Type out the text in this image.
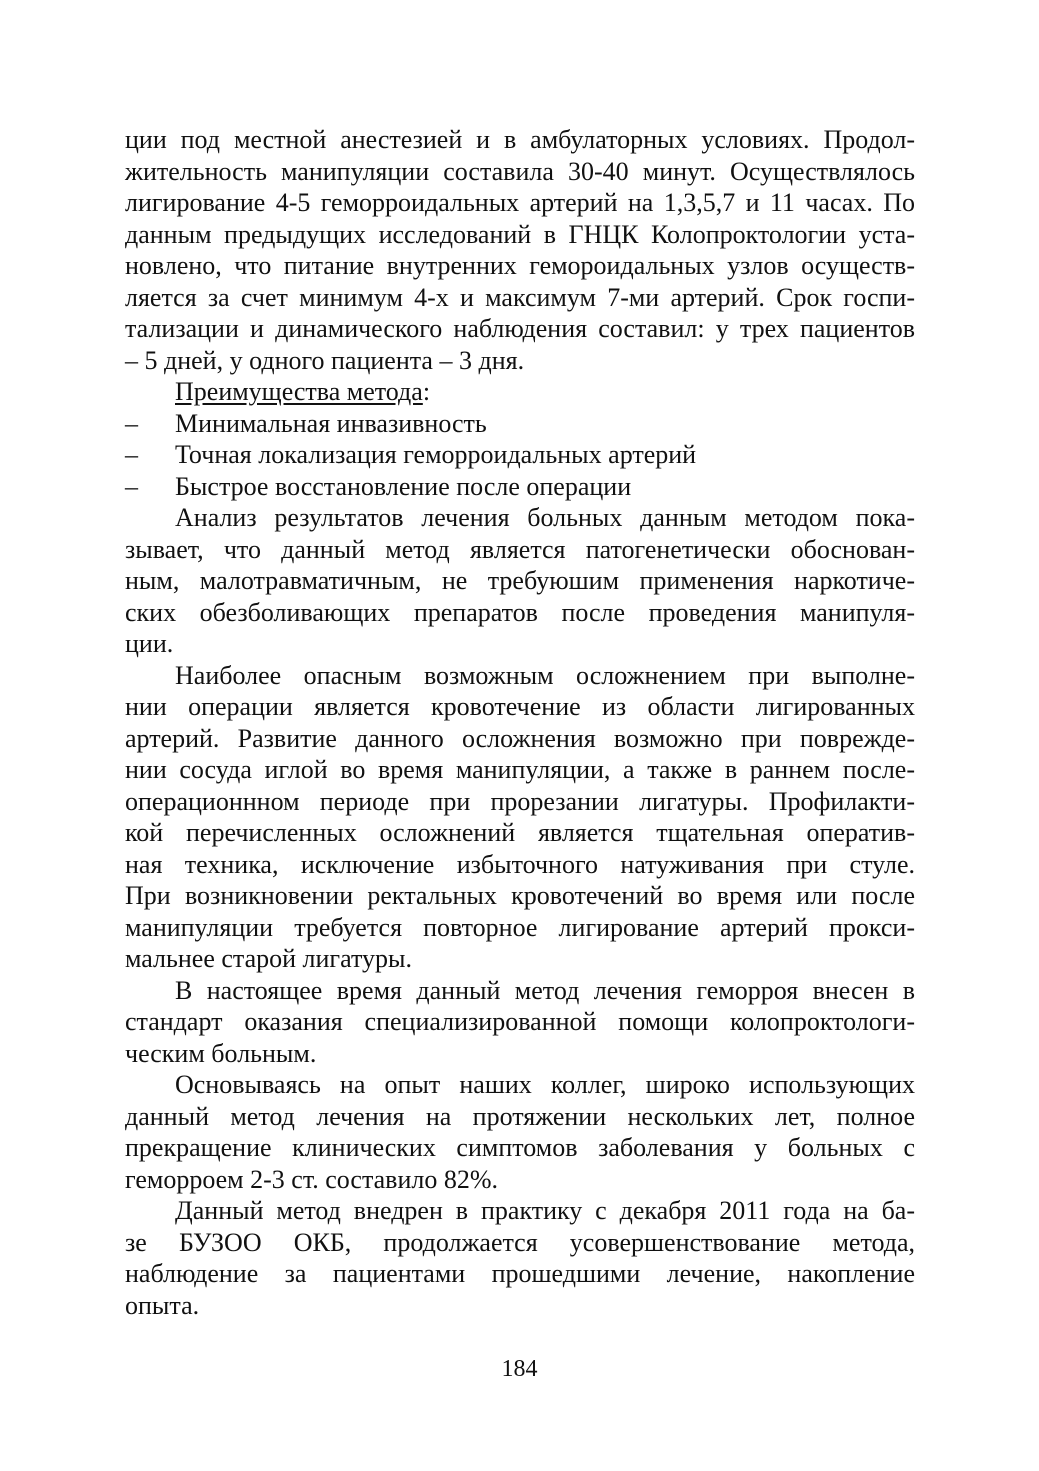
ции под местной анестезией и в амбулаторных условиях. Продол-
жительность манипуляции составила 30-40 минут. Осуществлялось
лигирование 4-5 геморроидальных артерий на 1,3,5,7 и 11 часах. По
данным предыдущих исследований в ГНЦК Колопроктологии уста-
новлено, что питание внутренних гемороидальных узлов осуществ-
ляется за счет минимум 4-х и максимум 7-ми артерий. Срок госпи-
тализации и динамического наблюдения составил: у трех пациентов
– 5 дней, у одного пациента – 3 дня.
Преимущества метода:
– Минимальная инвазивность
– Точная локализация геморроидальных артерий
– Быстрое восстановление после операции
Анализ результатов лечения больных данным методом пока-
зывает, что данный метод является патогенетически обоснован-
ным, малотравматичным, не требуюшим применения наркотиче-
ских обезболивающих препаратов после проведения манипуля-
ции.
Наиболее опасным возможным осложнением при выполне-
нии операции является кровотечение из области лигированных
артерий. Развитие данного осложнения возможно при поврежде-
нии сосуда иглой во время манипуляции, а также в раннем после-
операционнном периоде при прорезании лигатуры. Профилакти-
кой перечисленных осложнений является тщательная оператив-
ная техника, исключение избыточного натуживания при стуле.
При возникновении ректальных кровотечений во время или после
манипуляции требуется повторное лигирование артерий прокси-
мальнее старой лигатуры.
В настоящее время данный метод лечения геморроя внесен в
стандарт оказания специализированной помощи колопроктологи-
ческим больным.
Основываясь на опыт наших коллег, широко использующих
данный метод лечения на протяжении нескольких лет, полное
прекращение клинических симптомов заболевания у больных с
геморроем 2-3 ст. составило 82%.
Данный метод внедрен в практику с декабря 2011 года на ба-
зе БУЗОО ОКБ, продолжается усовершенствование метода,
наблюдение за пациентами прошедшими лечение, накопление
опыта.
184
